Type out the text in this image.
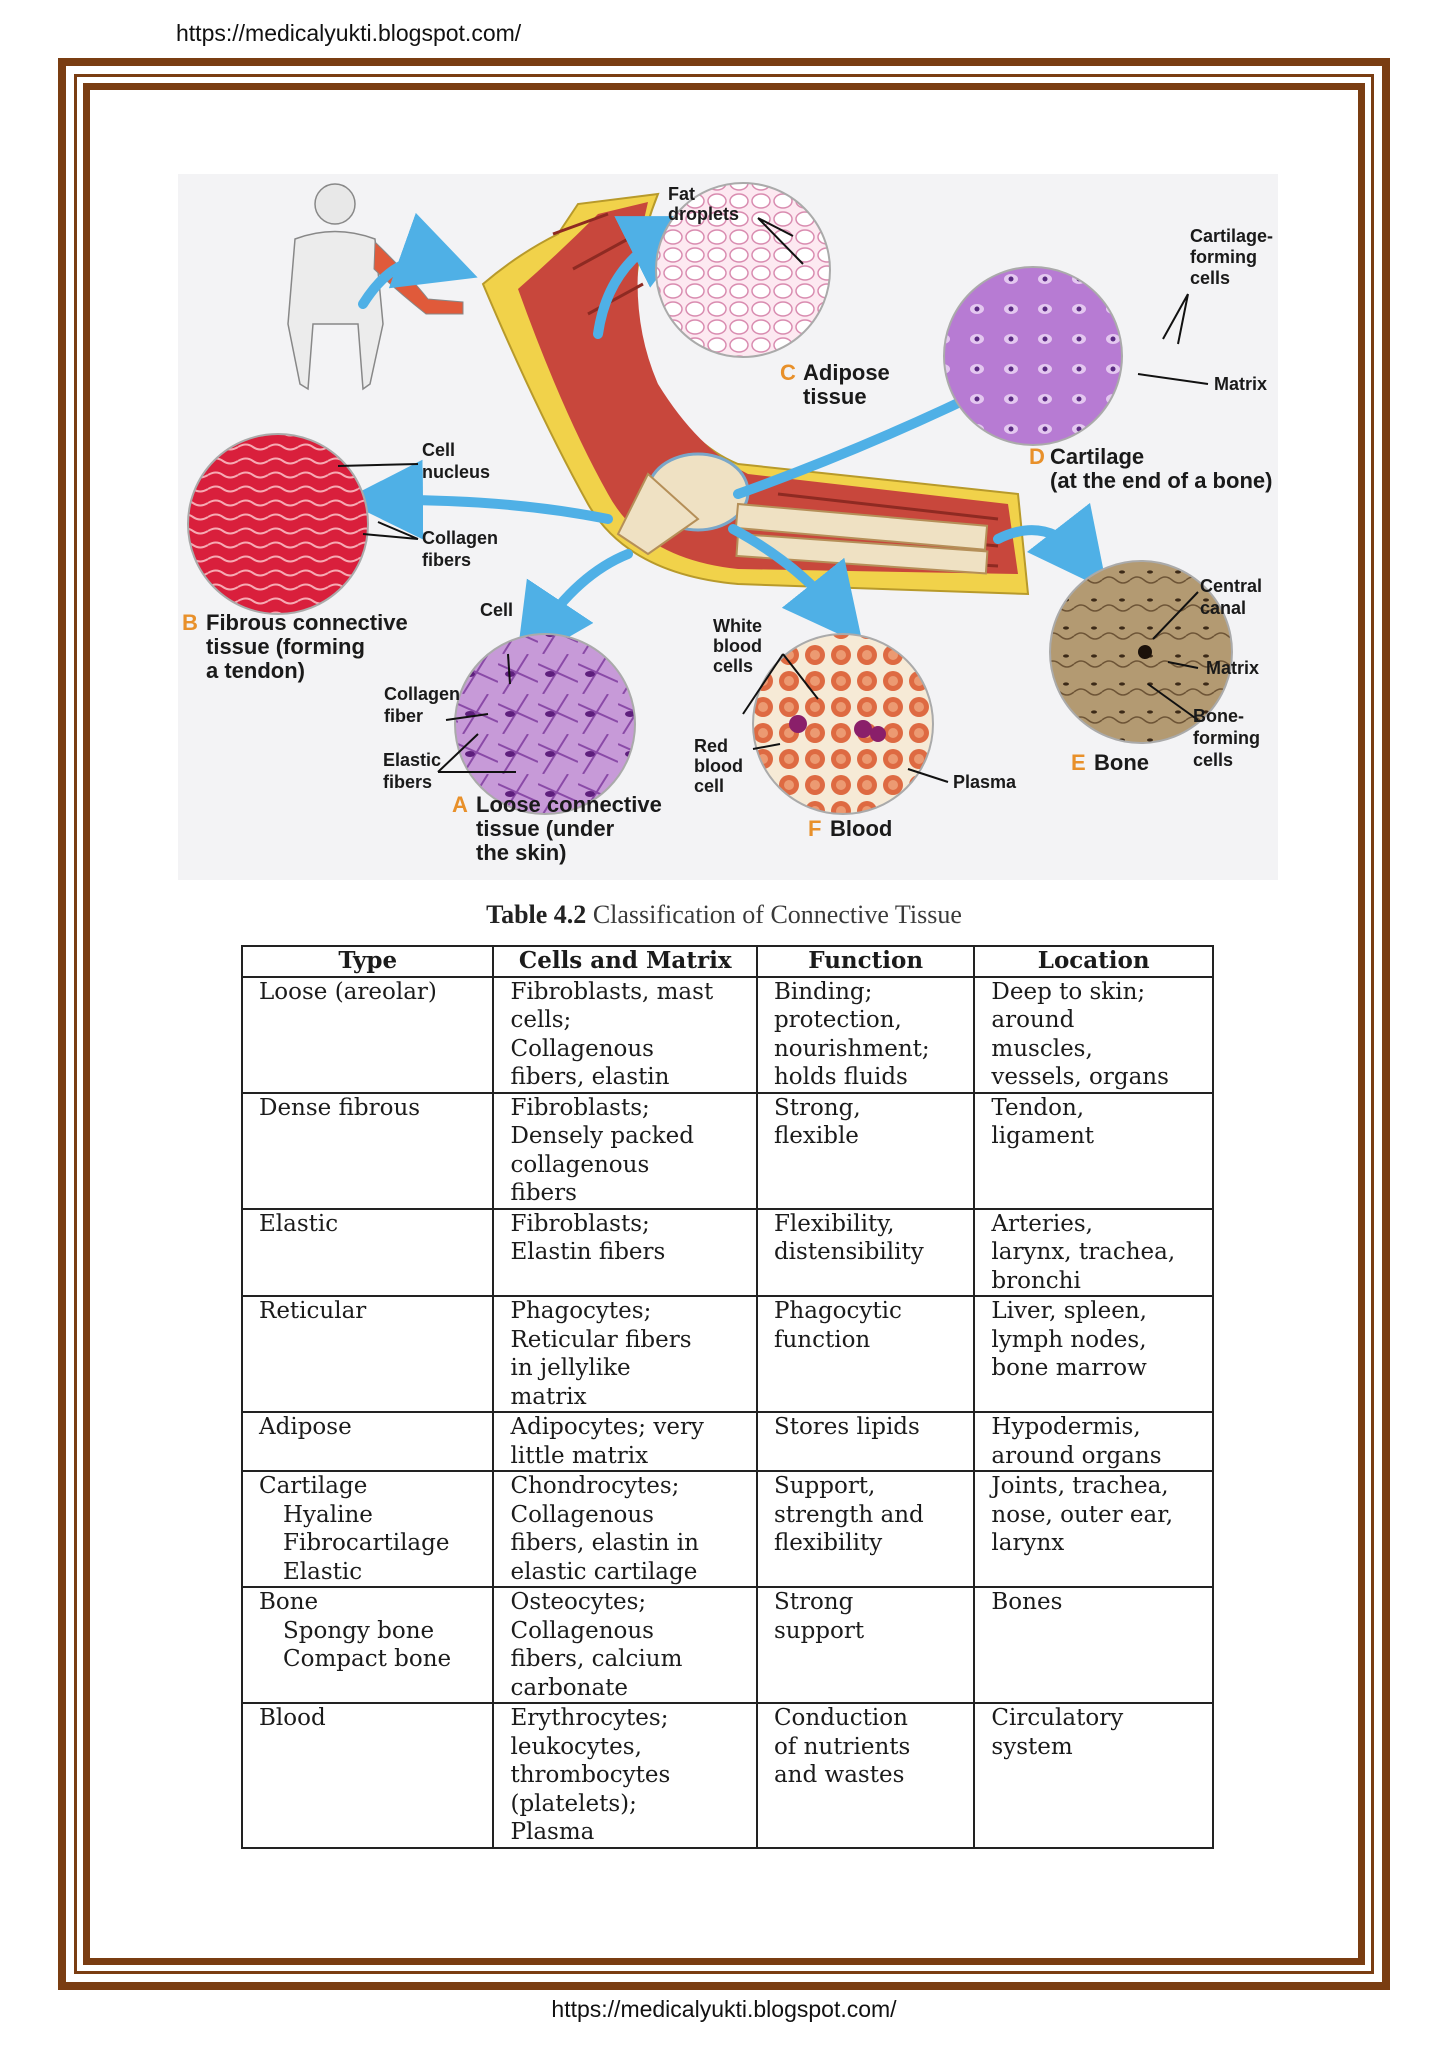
https://medicalyukti.blogspot.com/
Fat droplets
Cartilage-forming cells
Matrix
C Adipose tissue
D Cartilage (at the end of a bone)
Cell nucleus
Collagen fibers
B Fibrous connective tissue (forming a tendon)
Cell
Collagen fiber
Elastic fibers
A Loose connective tissue (under the skin)
White blood cells
Red blood cell	Plasma
F Blood
Central canal
Matrix
Bone-forming cells
E Bone
Table 4.2 Classification of Connective Tissue
Type	Cells and Matrix	Function	Location

Loose (areolar)	Fibroblasts, mast
cells;
Collagenous
fibers, elastin	Binding;
protection,
nourishment;
holds fluids	Deep to skin;
around
muscles,
vessels, organs

Dense fibrous	Fibroblasts;
Densely packed
collagenous
fibers	Strong,
flexible	Tendon,
ligament

Elastic	Fibroblasts;
Elastin fibers	Flexibility,
distensibility	Arteries,
larynx, trachea,
bronchi

Reticular	Phagocytes;
Reticular fibers
in jellylike
matrix	Phagocytic
function	Liver, spleen,
lymph nodes,
bone marrow

Adipose	Adipocytes; very
little matrix	Stores lipids	Hypodermis,
around organs

Cartilage
Hyaline
Fibrocartilage
Elastic	Chondrocytes;
Collagenous
fibers, elastin in
elastic cartilage	Support,
strength and
flexibility	Joints, trachea,
nose, outer ear,
larynx

Bone
Spongy bone
Compact bone	Osteocytes;
Collagenous
fibers, calcium
carbonate	Strong
support	Bones

Blood	Erythrocytes;
leukocytes,
thrombocytes
(platelets);
Plasma	Conduction
of nutrients
and wastes	Circulatory
system
https://medicalyukti.blogspot.com/
